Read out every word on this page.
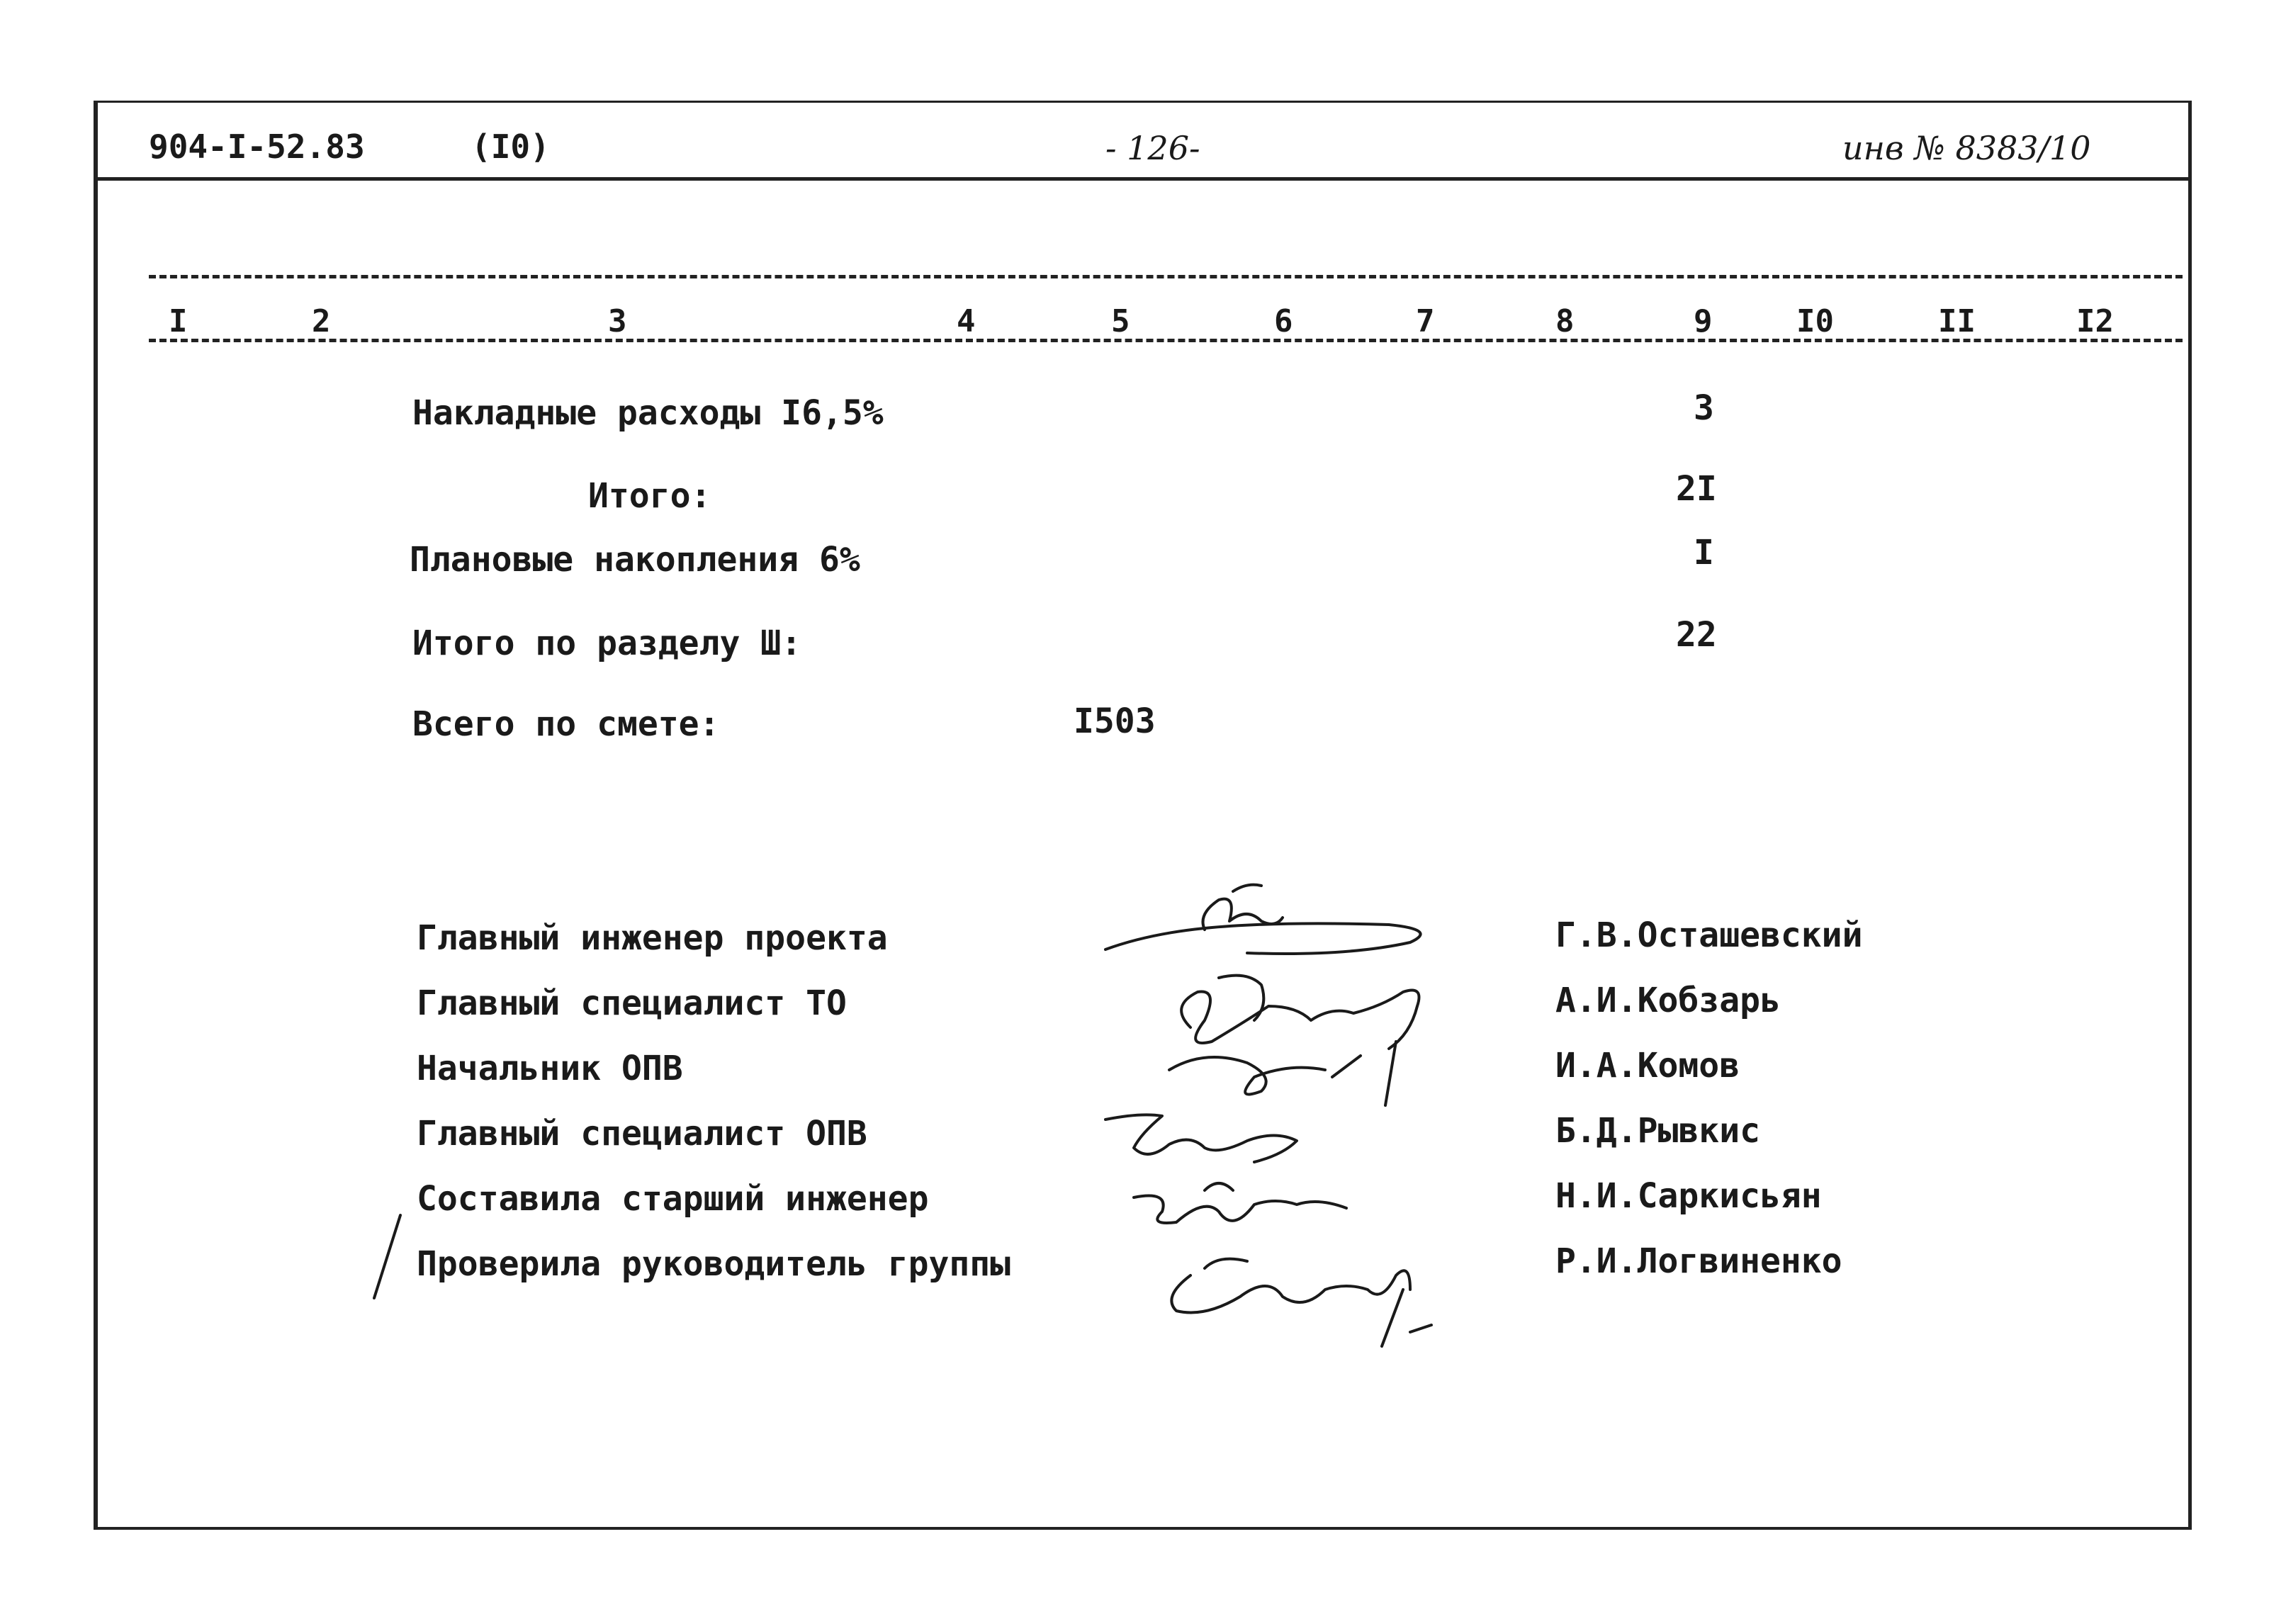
904-I-52.83	(I0)	- 126-	инв № 8383/10
I	2	3	4	5	6	7	8	9	I0	II	I2
Накладные расходы I6,5%	3
Итого:	2I
Плановые накопления 6%	I
Итого по разделу Ш:	22
Всего по смете:	I503
Главный инженер проекта	Г.В.Осташевский
Главный специалист ТО	А.И.Кобзарь
Начальник ОПВ	И.А.Комов
Главный специалист ОПВ	Б.Д.Рывкис
Составила старший инженер	Н.И.Саркисьян
Проверила руководитель группы	Р.И.Логвиненко
